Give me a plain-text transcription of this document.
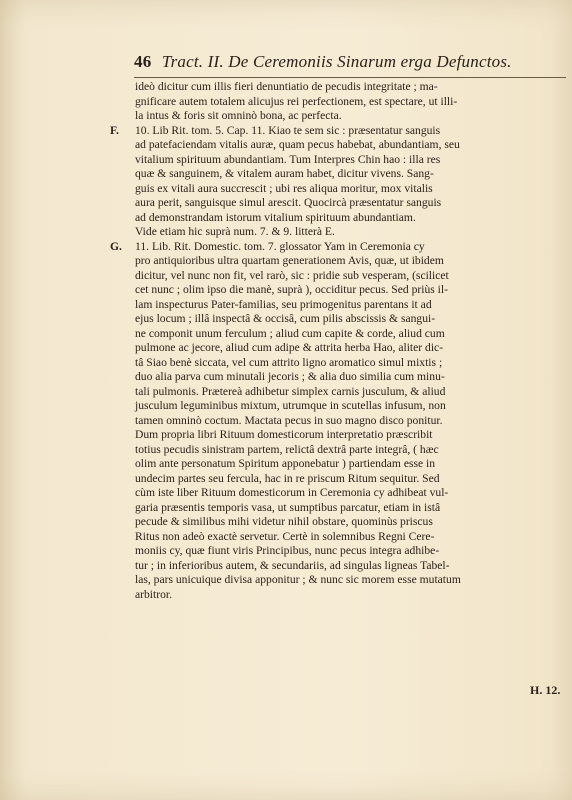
46 Tract. II. De Ceremoniis Sinarum erga Defunctos.
ideò dicitur cum illis fieri denuntiatio de pecudis integritate ; ma-
gnificare autem totalem alicujus rei perfectionem, est spectare, ut illi-
la intus & foris sit omninò bona, ac perfecta.
F. 10. Lib Rit. tom. 5. Cap. 11. Kiao te sem sic : præsentatur sanguis
ad patefaciendam vitalis auræ, quam pecus habebat, abundantiam, seu
vitalium spirituum abundantiam. Tum Interpres Chin hao : illa res
quæ & sanguinem, & vitalem auram habet, dicitur vivens. Sang-
guis ex vitali aura succrescit ; ubi res aliqua moritur, mox vitalis
aura perit, sanguisque simul arescit. Quocircà præsentatur sanguis
ad demonstrandam istorum vitalium spirituum abundantiam.
Vide etiam hic suprà num. 7. & 9. litterà E.
G. 11. Lib. Rit. Domestic. tom. 7. glossator Yam in Ceremonia cy
pro antiquioribus ultra quartam generationem Avis, quæ, ut ibidem
dicitur, vel nunc non fit, vel rarò, sic : pridie sub vesperam, (scilicet
cet nunc ; olim ipso die manè, suprà ), occiditur pecus. Sed priùs il-
lam inspecturus Pater-familias, seu primogenitus parentans it ad
ejus locum ; illâ inspectâ & occisâ, cum pilis abscissis & sangui-
ne componit unum ferculum ; aliud cum capite & corde, aliud cum
pulmone ac jecore, aliud cum adipe & attrita herba Hao, aliter dic-
tâ Siao benè siccata, vel cum attrito ligno aromatico simul mixtis ;
duo alia parva cum minutali jecoris ; & alia duo similia cum minu-
tali pulmonis. Prætereà adhibetur simplex carnis jusculum, & aliud
jusculum leguminibus mixtum, utrumque in scutellas infusum, non
tamen omninò coctum. Mactata pecus in suo magno disco ponitur.
Dum propria libri Rituum domesticorum interpretatio præscribit
totius pecudis sinistram partem, relictâ dextrâ parte integrâ, ( hæc
olim ante personatum Spiritum apponebatur ) partiendam esse in
undecim partes seu fercula, hac in re priscum Ritum sequitur. Sed
cùm iste liber Rituum domesticorum in Ceremonia cy adhibeat vul-
garia præsentis temporis vasa, ut sumptibus parcatur, etiam in istâ
pecude & similibus mihi videtur nihil obstare, quominùs priscus
Ritus non adeò exactè servetur. Certè in solemnibus Regni Cere-
moniis cy, quæ fiunt viris Principibus, nunc pecus integra adhibe-
tur ; in inferioribus autem, & secundariis, ad singulas ligneas Tabel-
las, pars unicuique divisa apponitur ; & nunc sic morem esse mutatum
arbitror.
H. 12.
